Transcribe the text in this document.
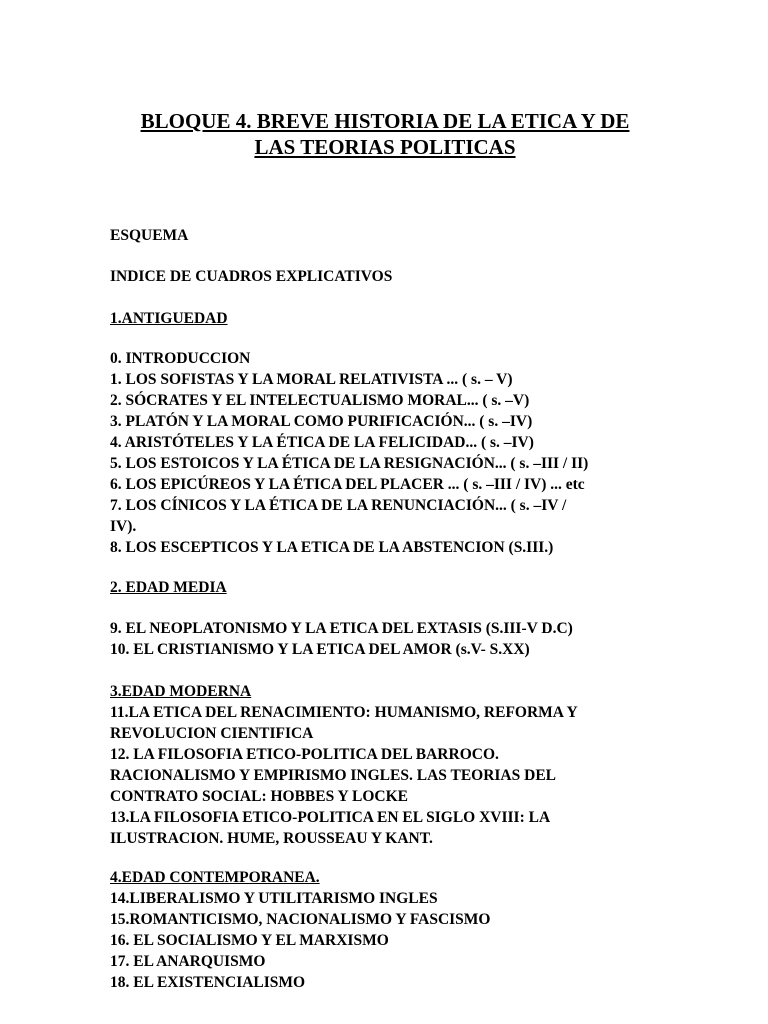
BLOQUE 4. BREVE HISTORIA DE LA ETICA Y DE
LAS TEORIAS POLITICAS
ESQUEMA
INDICE DE CUADROS EXPLICATIVOS
1.ANTIGUEDAD
0. INTRODUCCION
1. LOS SOFISTAS Y LA MORAL RELATIVISTA ... ( s. – V)
2. SÓCRATES Y EL INTELECTUALISMO MORAL... ( s. –V)
3. PLATÓN Y LA MORAL COMO PURIFICACIÓN... ( s. –IV)
4. ARISTÓTELES Y LA ÉTICA DE LA FELICIDAD... ( s. –IV)
5. LOS ESTOICOS Y LA ÉTICA DE LA RESIGNACIÓN... ( s. –III / II)
6. LOS EPICÚREOS Y LA ÉTICA DEL PLACER ... ( s. –III / IV) ... etc
7. LOS CÍNICOS Y LA ÉTICA DE LA RENUNCIACIÓN... ( s. –IV /
IV).
8. LOS ESCEPTICOS Y LA ETICA DE LA ABSTENCION (S.III.)
2. EDAD MEDIA
9. EL NEOPLATONISMO Y LA ETICA DEL EXTASIS (S.III-V D.C)
10. EL CRISTIANISMO Y LA ETICA DEL AMOR (s.V- S.XX)
3.EDAD MODERNA
11.LA ETICA DEL RENACIMIENTO: HUMANISMO, REFORMA Y
REVOLUCION CIENTIFICA
12. LA FILOSOFIA ETICO-POLITICA DEL BARROCO.
RACIONALISMO Y EMPIRISMO INGLES. LAS TEORIAS DEL
CONTRATO SOCIAL: HOBBES Y LOCKE
13.LA FILOSOFIA ETICO-POLITICA EN EL SIGLO XVIII: LA
ILUSTRACION. HUME, ROUSSEAU Y KANT.
4.EDAD CONTEMPORANEA.
14.LIBERALISMO Y UTILITARISMO INGLES
15.ROMANTICISMO, NACIONALISMO Y FASCISMO
16. EL SOCIALISMO Y EL MARXISMO
17. EL ANARQUISMO
18. EL EXISTENCIALISMO
